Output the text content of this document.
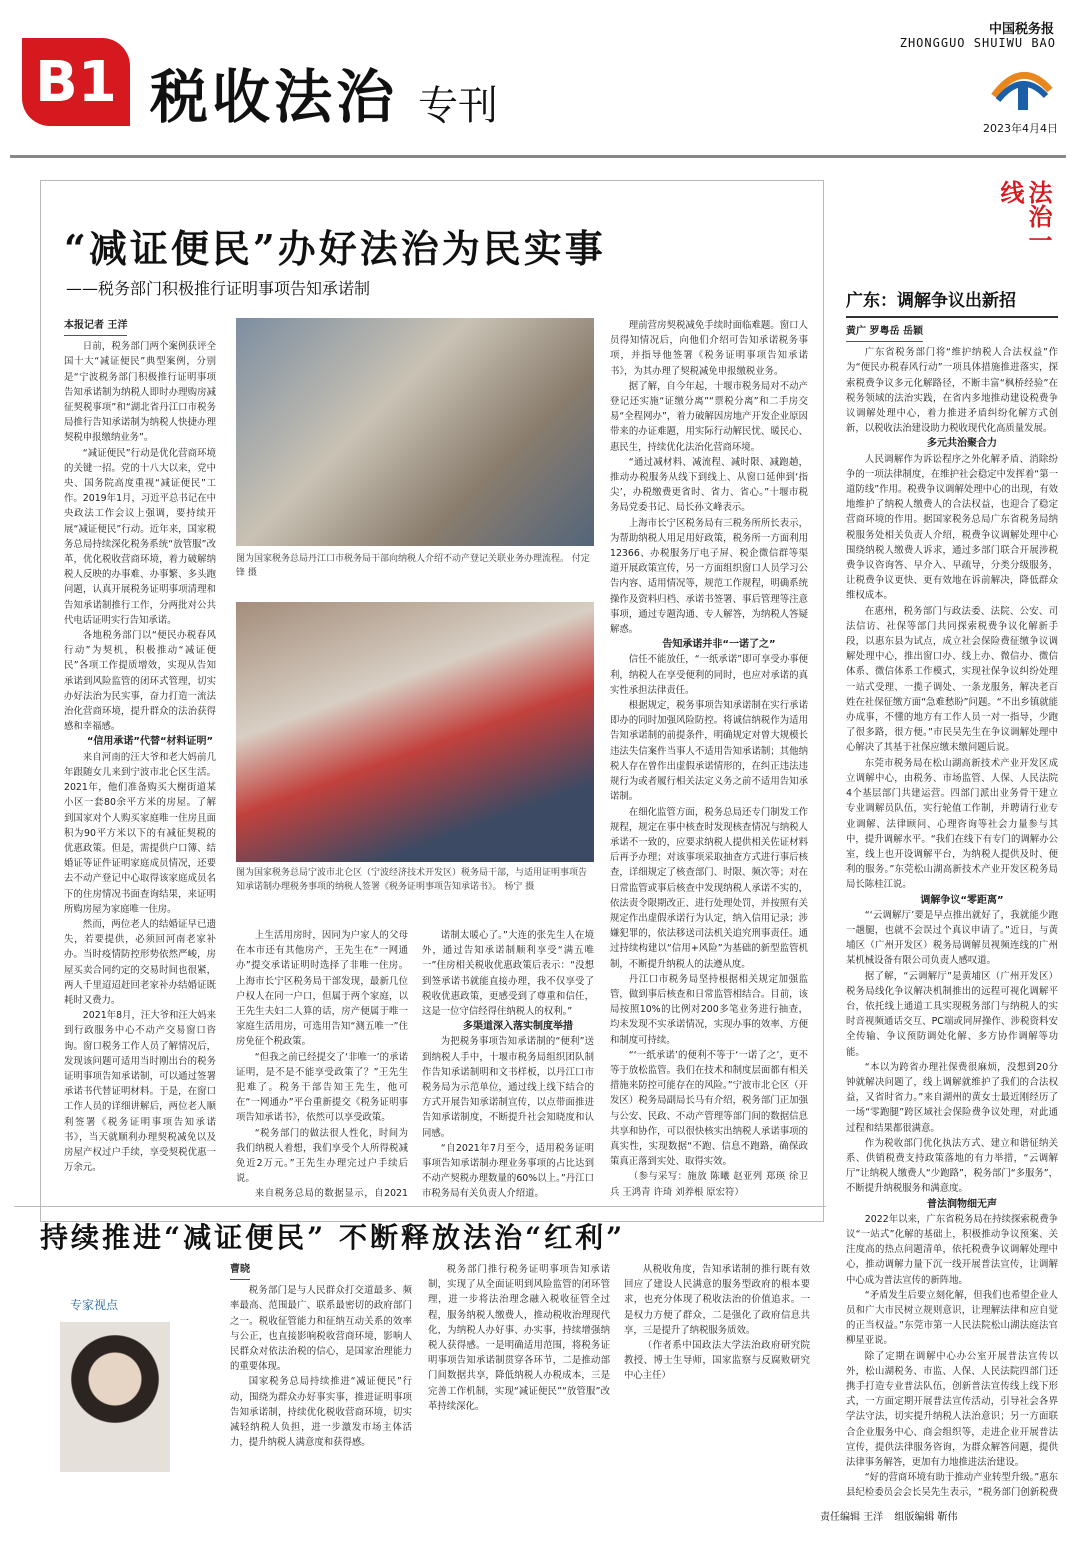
B1 税收法治 专刊
中国税务报
ZHONGGUO SHUIWU BAO
2023年4月4日
“减证便民”办好法治为民实事
——税务部门积极推行证明事项告知承诺制
本报记者 王洋

日前，税务部门两个案例获评全国十大“减证便民”典型案例，分别是“宁波税务部门积极推行证明事项告知承诺制为纳税人即时办理购房减征契税事项”和“湖北省丹江口市税务局推行告知承诺制为纳税人快捷办理契税申报缴纳业务”。

“减证便民”行动是优化营商环境的关键一招。党的十八大以来，党中央、国务院高度重视“减证便民”工作。2019年1月，习近平总书记在中央政法工作会议上强调，要持续开展“减证便民”行动。近年来，国家税务总局持续深化税务系统“放管服”改革，优化税收营商环境，着力破解纳税人反映的办事难、办事繁、多头跑问题，认真开展税务证明事项清理和告知承诺制推行工作，分两批对公共代电话证明实行告知承诺。

各地税务部门以“便民办税春风行动”为契机，积极推动“减证便民”各项工作提质增效，实现从告知承诺到风险监管的闭环式管理，切实办好法治为民实事，奋力打造一流法治化营商环境，提升群众的法治获得感和幸福感。

“信用承诺”代替“材料证明”

来自河南的汪大爷和老大妈前几年跟随女儿来到宁波市北仑区生活。2021年，他们准备购买大榭街道某小区一套80余平方米的房屋。了解到国家对个人购买家庭唯一住房且面积为90平方米以下的有减征契税的优惠政策。但是，需提供户口簿、结婚证等证件证明家庭成员情况，还要去不动产登记中心取得该家庭成员名下的住房情况书面查询结果，来证明所购房屋为家庭唯一住房。

然而，两位老人的结婚证早已遗失，若要提供，必须回河南老家补办。当时疫情防控形势依然严峻，房屋买卖合同约定的交易时间也很紧，两人千里迢迢赶回老家补办结婚证既耗时又费力。

2021年8月，汪大爷和汪大妈来到行政服务中心不动产交易窗口咨询。窗口税务工作人员了解情况后，发现该问题可适用当时刚出台的税务证明事项告知承诺制，可以通过签署承诺书代替证明材料。于是，在窗口工作人员的详细讲解后，两位老人顺利签署《税务证明事项告知承诺书》，当天就顺利办理契税减免以及房屋产权过户手续，享受契税优惠一万余元。

图为国家税务总局丹江口市税务局干部向纳税人介绍不动产登记关联业务办理流程。 付定锋 摄
图为国家税务总局宁波市北仑区（宁波经济技术开发区）税务局干部，与适用证明事项告知承诺制办理税务事项的纳税人签署《税务证明事项告知承诺书》。 杨宁 摄

上生活用房时，因同为户家人的父母在本市还有其他房产，王先生在“一网通办”提交承诺证明时选择了非唯一住房。上海市长宁区税务局干部发现，最新几位户权人在同一户口，但属于两个家庭，以王先生夫妇二人算的话，房产便属于唯一家庭生活用房，可选用告知“测五唯一”住房免征个税政策。

“但我之前已经提交了‘非唯一’的承诺证明，是不是不能享受政策了？”王先生犯难了。税务干部告知王先生，他可在“一网通办”平台重新提交《税务证明事项告知承诺书》，依然可以享受政策。

“税务部门的做法很人性化，时间为我们纳税人着想，我们享受个人所得税减免近2万元。”王先生办理完过户手续后说。

来自税务总局的数据显示，自2021

诺制太暖心了。”大连的张先生人在境外，通过告知承诺制顺利享受“满五唯一”住房相关税收优惠政策后表示：“没想到签承诺书就能直接办理，我不仅享受了税收优惠政策，更感受到了尊重和信任，这是一位守信经得住纳税人的权利。”

多渠道深入落实制度举措

为把税务事项告知承诺制的“便利”送到纳税人手中，十堰市税务局组织团队制作告知承诺制明和文书样板，以丹江口市税务局为示范单位，通过线上线下结合的方式开展告知承诺制宣传，以点带面推进告知承诺制度，不断提升社会知晓度和认同感。

“自2021年7月至今，适用税务证明事项告知承诺制办理业务事项的占比达到不动产契税办理数量的60%以上。”丹江口市税务局有关负责人介绍道。

理前营房契税减免手续时面临难题。窗口人员得知情况后，向他们介绍可告知承诺税务事项，并指导他签署《税务证明事项告知承诺书》，为其办理了契税减免申报缴税业务。

据了解，自今年起，十堰市税务局对不动产登记还实施“证缴分离”“票税分离”和二手房交易“全程网办”，着力破解因房地产开发企业原因带来的办证难题，用实际行动解民忧、暖民心、惠民生，持续优化法治化营商环境。

“通过减材料、减流程、减时限、减跑趟，推动办税服务从线下到线上、从窗口延伸到‘指尖’，办税缴费更省时、省力、省心。”十堰市税务局党委书记、局长孙文峰表示。

上海市长宁区税务局有三税务所所长表示，为帮助纳税人用足用好政策，税务所一方面利用12366、办税服务厅电子屏、税企微信群等渠道开展政策宣传，另一方面组织窗口人员学习公告内容、适用情况等，规范工作规程，明确系统操作及资料归档、承诺书签署、事后管理等注意事项，通过专题沟通、专人解答，为纳税人答疑解惑。

告知承诺并非“一诺了之”

信任不能放任，“一纸承诺”即可享受办事便利，纳税人在享受便利的同时，也应对承诺的真实性承担法律责任。

根据规定，税务事项告知承诺制在实行承诺即办的同时加强风险防控。将诚信纳税作为适用告知承诺制的前提条件，明确规定对曾大规模长违法失信案件当事人不适用告知承诺制；其他纳税人存在曾作出虚假承诺情形的，在纠正违法违规行为或者履行相关法定义务之前不适用告知承诺制。

在细化监管方面，税务总局还专门制发工作规程，规定在事中核查时发现核查情况与纳税人承诺不一致的，应要求纳税人提供相关佐证材料后再予办理；对该事项采取抽查方式进行事后核查，详细规定了核查部门、时限、频次等；对在日常监管或事后核查中发现纳税人承诺不实的，依法责令限期改正、进行处理处罚，并按照有关规定作出虚假承诺行为认定，纳入信用记录；涉嫌犯罪的，依法移送司法机关追究刑事责任。通过持续构建以“信用+风险”为基础的新型监管机制，不断提升纳税人的法遵从度。

丹江口市税务局坚持根据相关规定加强监管，做到事后核查和日常监管相结合。目前，该局按照10%的比例对200多笔业务进行抽查，均未发现不实承诺情况，实现办事的效率、方便和制度可持续。

“‘一纸承诺’的便利不等于‘一诺了之’，更不等于放松监管。我们在技术和制度层面都有相关措施来防控可能存在的风险。”宁波市北仑区（开发区）税务局副局长马有介绍，税务部门正加强与公安、民政、不动产管理等部门间的数据信息共享和协作，可以很快核实出纳税人承诺事项的真实性，实现数据“不跑、信息不跑路，确保政策真正落到实处、取得实效。

（参与采写：施放 陈曦 赵亚列 郑瑛 徐卫兵 王鸿青 许琦 刘养根 原宏符）

法治一线
广东：调解争议出新招
黄广 罗粤岳 岳颖

广东省税务部门将“维护纳税人合法权益”作为“便民办税春风行动”一项具体措施推进落实，探索税费争议多元化解路径，不断丰富“枫桥经验”在税务领域的法治实践，在省内多地推动建设税费争议调解处理中心，着力推进矛盾纠纷化解方式创新，以税收法治建设助力税收现代化高质量发展。

多元共治聚合力

人民调解作为诉讼程序之外化解矛盾、消除纷争的一项法律制度，在维护社会稳定中发挥着“第一道防线”作用。税费争议调解处理中心的出现，有效地维护了纳税人缴费人的合法权益，也迎合了稳定营商环境的作用。据国家税务总局广东省税务局纳税服务处相关负责人介绍，税费争议调解处理中心围绕纳税人缴费人诉求，通过多部门联合开展涉税费争议咨询答、早介入、早疏导，分类分级服务，让税费争议更快、更有效地在诉前解决，降低群众维权成本。

在惠州，税务部门与政法委、法院、公安、司法信访、社保等部门共同探索税费争议化解新手段，以惠东县为试点，成立社会保险费征缴争议调解处理中心，推出窗口办、线上办、微信办、微信体系、微信体系工作模式，实现社保争议纠纷处理一站式受理、一揽子调处、一条龙服务，解决老百姓在社保征缴方面“急难愁盼”问题。“不出乡镇就能办成事，不懂的地方有工作人员一对一指导，少跑了很多路，很方便。”市民吴先生在争议调解处理中心解决了其基于社保应缴未缴问题后说。

东莞市税务局在松山湖高新技术产业开发区成立调解中心，由税务、市场监管、人保、人民法院4个基层部门共建运营。四部门派出业务骨干建立专业调解员队伍，实行轮值工作制，并聘请行业专业调解、法律顾问、心理咨询等社会力量参与其中，提升调解水平。“我们在线下有专门的调解办公室，线上也开设调解平台，为纳税人提供及时、便利的服务。”东莞松山湖高新技术产业开发区税务局局长陈桂江说。

调解争议“零距离”

“‘云调解厅’要是早点推出就好了，我就能少跑一趟腿，也就不会误过个真议申请了。”近日，与黄埔区（广州开发区）税务局调解员视频连线的广州某机械设备有限公司负责人感叹道。

据了解，“云调解厅”是黄埔区（广州开发区）税务局线化争议解决机制推出的远程可视化调解平台，依托线上通道工具实现税务部门与纳税人的实时音视频通话交互、PC端或同屏操作、涉税资料安全传输、争议预防调处化解、多方协作调解等功能。

“本以为跨省办理社保费很麻烦，没想到20分钟就解决问题了，线上调解就维护了我们的合法权益，又省时省力。”来自湖州的黄女士最近刚经历了一场“零跑腿”跨区域社会保险费争议处理，对此通过程和结果都很满意。

作为税收部门优化执法方式、建立和谐征纳关系、供销税费支持政策落地的有力举措，“云调解厅”让纳税人缴费人“少跑路”，税务部门“多服务”，不断提升纳税服务和满意度。

普法润物细无声

2022年以来，广东省税务局在持续探索税费争议“一站式”化解的基础上，积极推动争议预案、关注度高的热点问题清单，依托税费争议调解处理中心，推动调解力量下沉一线开展普法宣传，让调解中心成为普法宣传的新阵地。

“矛盾发生后要立刻化解，但我们也希望企业人员和广大市民树立规则意识，让理解法律和应自觉的正当权益。”东莞市第一人民法院松山湖法庭法官柳星亚说。

除了定期在调解中心办公室开展普法宣传以外，松山湖税务、市监、人保、人民法院四部门还携手打造专业普法队伍，创新普法宣传线上线下形式，一方面定期开展普法宣传活动，引导社会各界学法守法，切实提升纳税人法治意识；另一方面联合企业服务中心、商会组织等，走进企业开展普法宣传，提供法律服务咨询，为群众解答问题，提供法律事务解答，更加有力地推进法治建设。

“好的营商环境有助于推动产业转型升级。”惠东县纪检委员会会长吴先生表示，“税务部门创新税费

持续推进“减证便民” 不断释放法治“红利”
专家视点
曹晓

税务部门是与人民群众打交道最多、频率最高、范围最广、联系最密切的政府部门之一。税收征管能力和征纳互动关系的效率与公正，也直接影响税收营商环境，影响人民群众对依法治税的信心，是国家治理能力的重要体现。

国家税务总局持续推进“减证便民”行动，围绕为群众办好事实事，推进证明事项告知承诺制，持续优化税收营商环境，切实减轻纳税人负担，进一步激发市场主体活力，提升纳税人满意度和获得感。

税务部门推行税务证明事项告知承诺制，实现了从全面证明到风险监管的闭环管理，进一步将法治理念融入税收征管全过程，服务纳税人缴费人，推动税收治理现代化，为纳税人办好事、办实事，持续增强纳税人获得感。一是明确适用范围，将税务证明事项告知承诺制贯穿各环节，二是推动部门间数据共享，降低纳税人办税成本，三是完善工作机制，实现“减证便民”“放管服”改革持续深化。

从税收角度，告知承诺制的推行既有效回应了建设人民满意的服务型政府的根本要求，也充分体现了税收法治的价值追求。一是权力方便了群众，二是强化了政府信息共享，三是提升了纳税服务质效。

（作者系中国政法大学法治政府研究院教授、博士生导师，国家监察与反腐败研究中心主任）

责任编辑 王洋 组版编辑 靳伟
